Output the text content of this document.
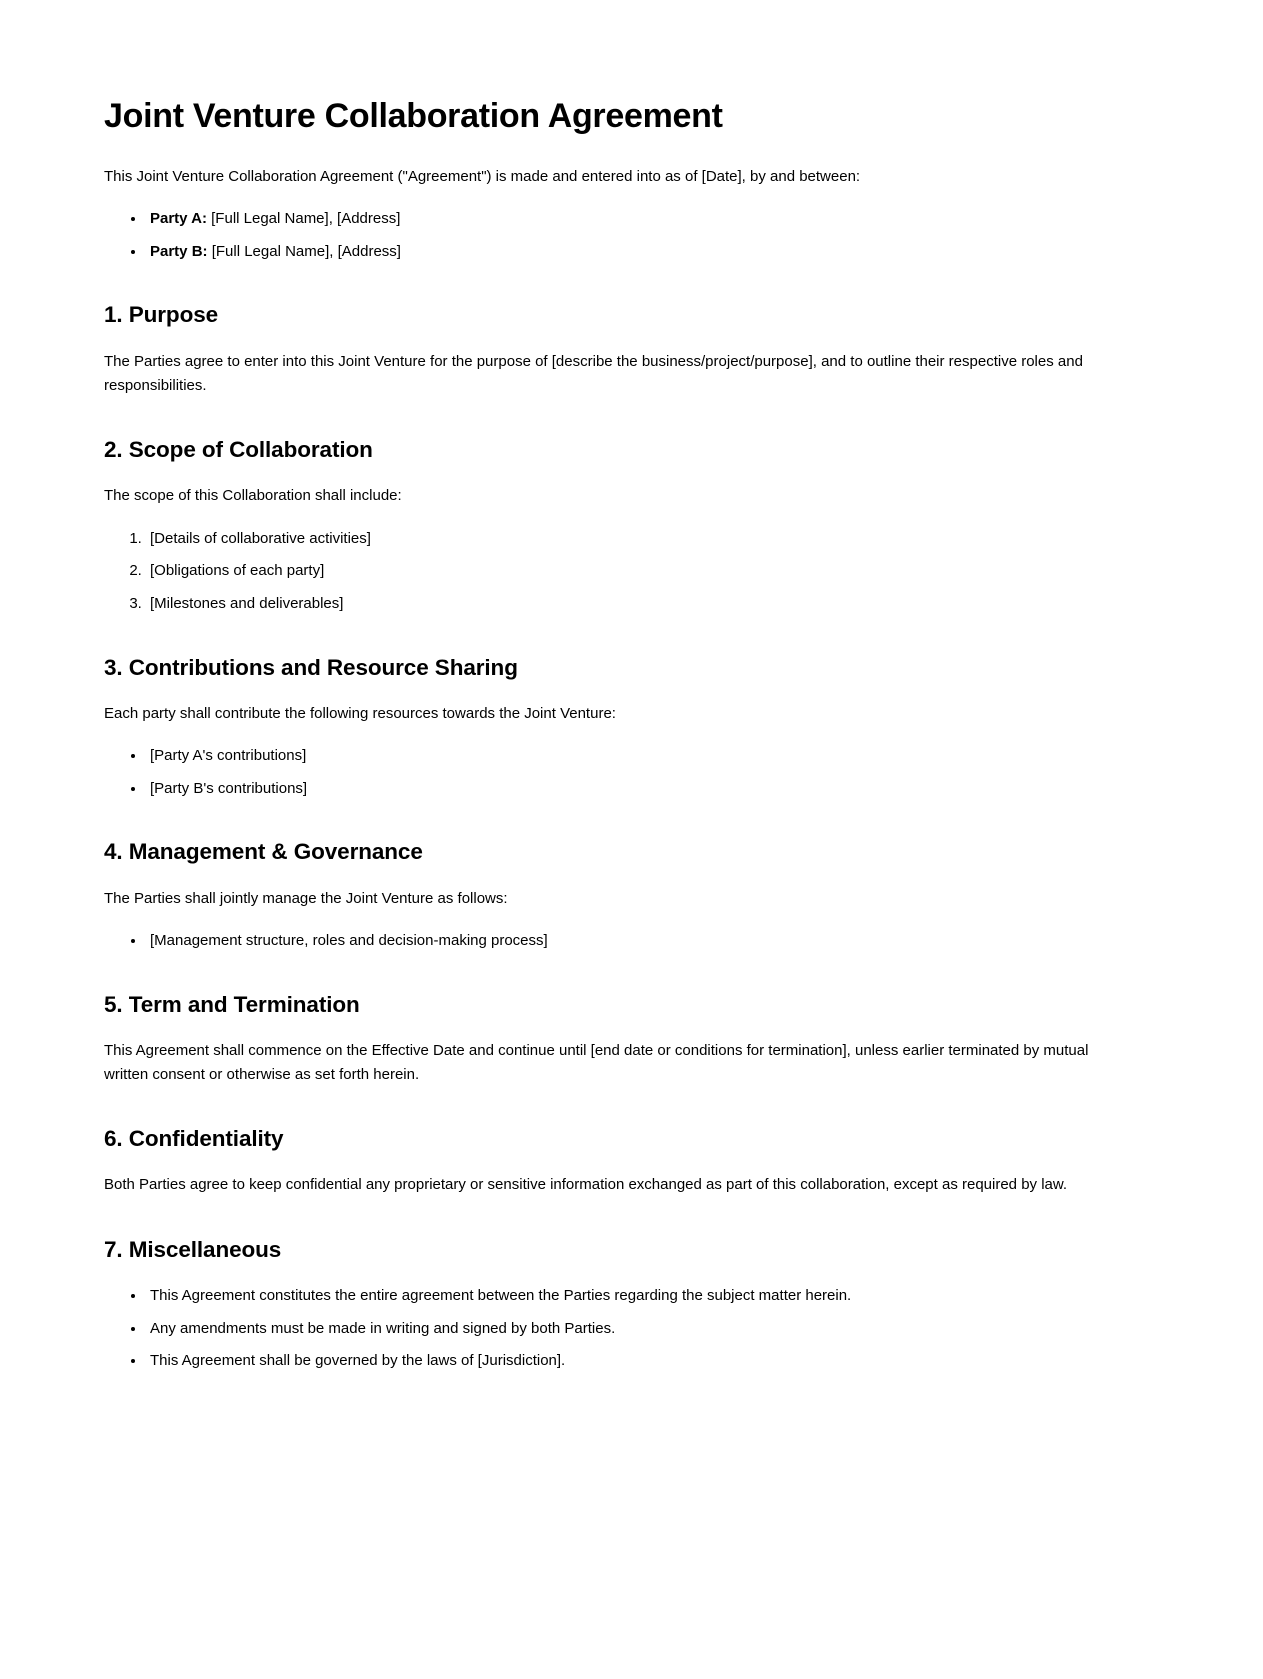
Joint Venture Collaboration Agreement

This Joint Venture Collaboration Agreement ("Agreement") is made and entered into as of [Date], by and between:

• Party A: [Full Legal Name], [Address]
• Party B: [Full Legal Name], [Address]
1. Purpose

The Parties agree to enter into this Joint Venture for the purpose of [describe the business/project/purpose], and to outline their respective roles and responsibilities.

2. Scope of Collaboration

The scope of this Collaboration shall include:

1. [Details of collaborative activities]
2. [Obligations of each party]
3. [Milestones and deliverables]
3. Contributions and Resource Sharing

Each party shall contribute the following resources towards the Joint Venture:

• [Party A's contributions]
• [Party B's contributions]
4. Management & Governance

The Parties shall jointly manage the Joint Venture as follows:

• [Management structure, roles and decision-making process]
5. Term and Termination

This Agreement shall commence on the Effective Date and continue until [end date or conditions for termination], unless earlier terminated by mutual written consent or otherwise as set forth herein.

6. Confidentiality

Both Parties agree to keep confidential any proprietary or sensitive information exchanged as part of this collaboration, except as required by law.

7. Miscellaneous
• This Agreement constitutes the entire agreement between the Parties regarding the subject matter herein.
• Any amendments must be made in writing and signed by both Parties.
• This Agreement shall be governed by the laws of [Jurisdiction].
